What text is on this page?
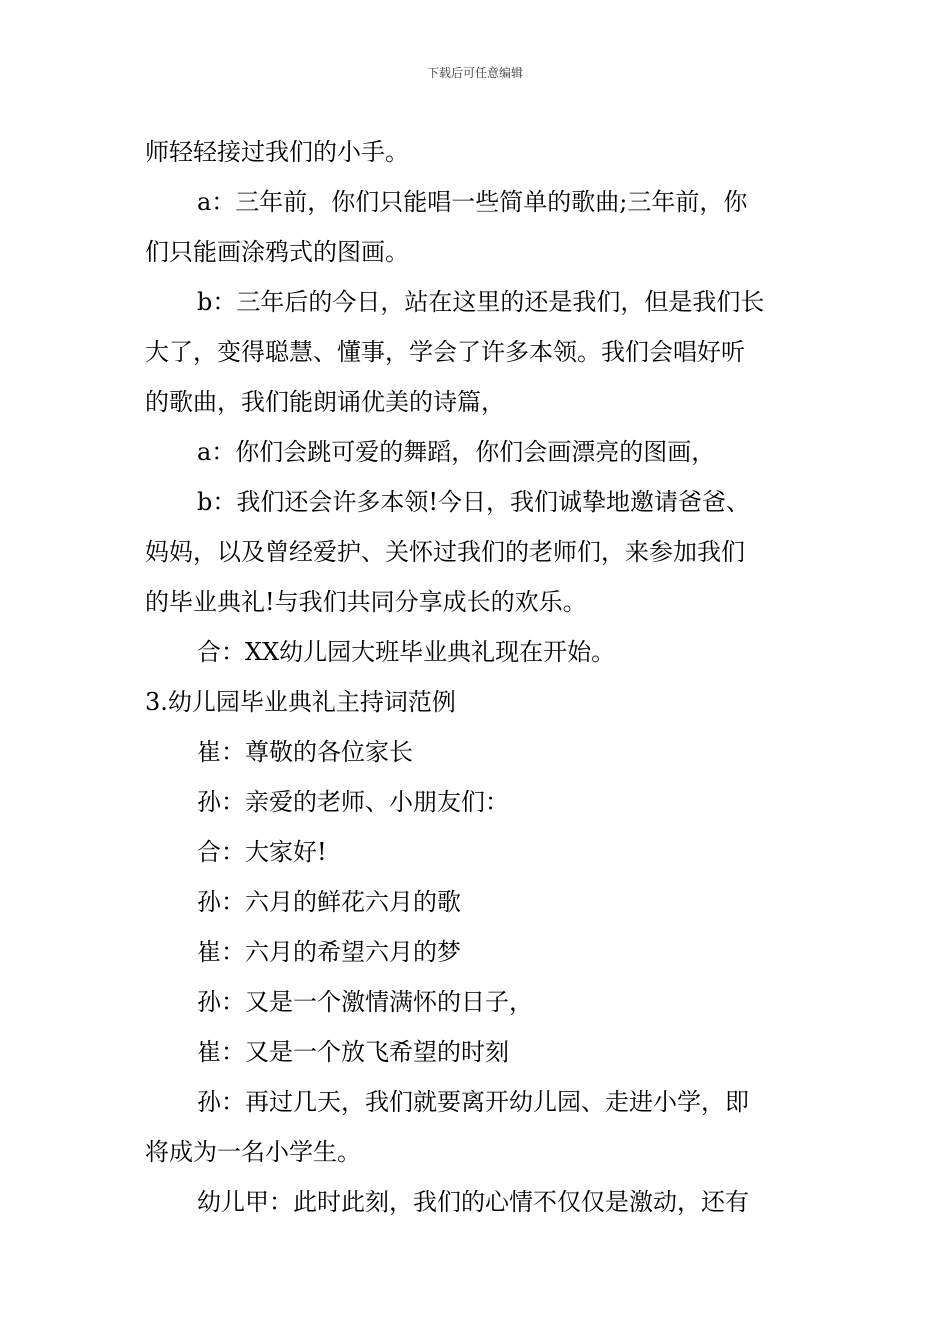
下载后可任意编辑
师轻轻接过我们的小手。
a：三年前，你们只能唱一些简单的歌曲;三年前，你
们只能画涂鸦式的图画。
b：三年后的今日，站在这里的还是我们，但是我们长
大了，变得聪慧、懂事，学会了许多本领。我们会唱好听
的歌曲，我们能朗诵优美的诗篇，
a：你们会跳可爱的舞蹈，你们会画漂亮的图画，
b：我们还会许多本领!今日，我们诚挚地邀请爸爸、
妈妈，以及曾经爱护、关怀过我们的老师们，来参加我们
的毕业典礼!与我们共同分享成长的欢乐。
合：XX幼儿园大班毕业典礼现在开始。
3.幼儿园毕业典礼主持词范例
崔：尊敬的各位家长
孙：亲爱的老师、小朋友们：
合：大家好!
孙：六月的鲜花六月的歌
崔：六月的希望六月的梦
孙：又是一个激情满怀的日子，
崔：又是一个放飞希望的时刻
孙：再过几天，我们就要离开幼儿园、走进小学，即
将成为一名小学生。
幼儿甲：此时此刻，我们的心情不仅仅是激动，还有
